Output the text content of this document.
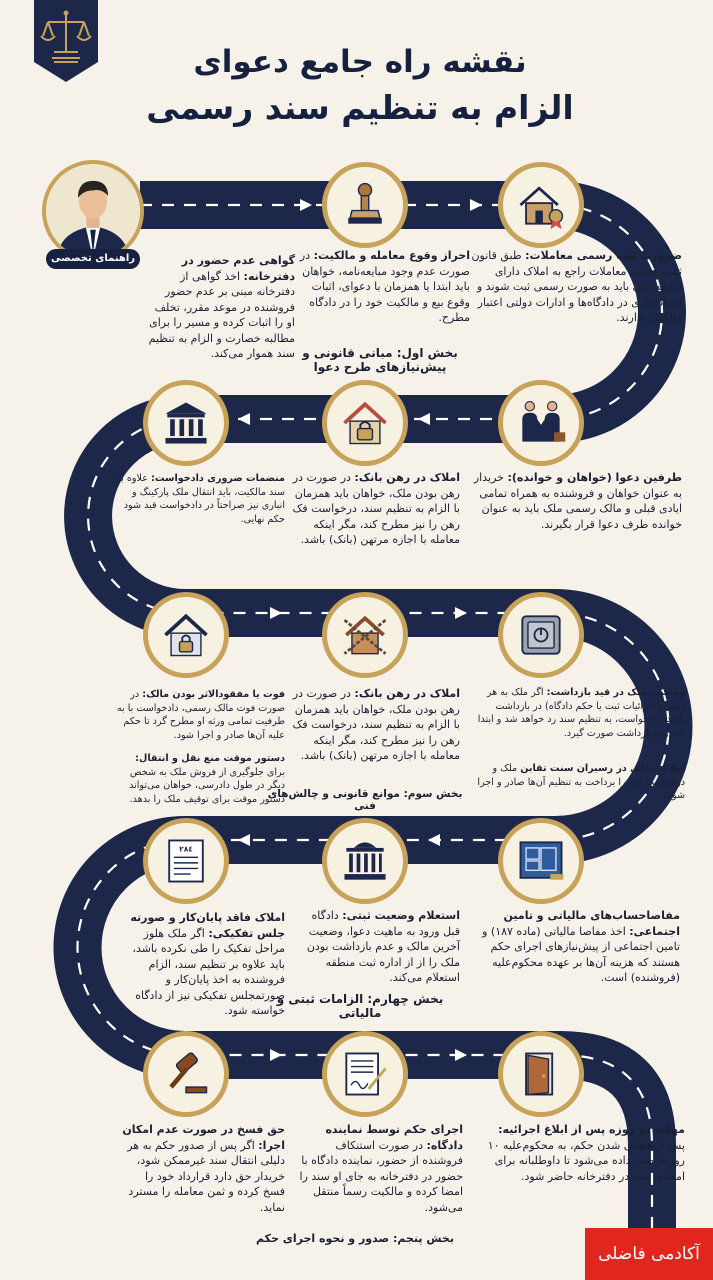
نقشه راه جامع دعوای
الزام به تنظیم سند رسمی
راهنمای تخصصی	ضرورت ثبت رسمی معاملات: طبق قانون ثبت، تمامی معاملات راجع به املاک دارای سابقه ثبتی باید به صورت رسمی ثبت شوند و اسناد عادی در دادگاه‌ها و ادارات دولتی اعتبار مالکیت ندارند.
احراز وقوع معامله و مالکیت: در صورت عدم وجود مبایعه‌نامه، خواهان باید ابتدا یا همزمان با دعوای، اثبات وقوع بیع و مالکیت خود را در دادگاه مطرح.
گواهی عدم حضور در دفترخانه: اخذ گواهی از دفترخانه مبنی بر عدم حضور فروشنده در موعد مقرر، تخلف او را اثبات کرده و مسیر را برای مطالبه خصارت و الزام به تنظیم سند هموار می‌کند. بخش اول: مبانی قانونی و پیش‌نیازهای طرح دعوا
طرفین دعوا (خواهان و خوانده): خریدار به عنوان خواهان و فروشنده به همراه تمامی ایادی قبلی و مالک رسمی ملک باید به عنوان خوانده طرف دعوا قرار بگیرند.
املاک در رهن بانک: در صورت در رهن بودن ملک، خواهان باید همزمان با الزام به تنظیم سند، درخواست فک رهن را نیز مطرح کند، مگر اینکه معامله با اجازه مرتهن (بانک) باشد.
منضمات ضروری دادخواست: علاوه بر سند مالکیت، باید انتقال ملک پارکینگ و انباری نیز صراحتاً در دادخواست قید شود حکم نهایی.
وضعیت ملک در قید بازداشت: اگر ملک به هر دلیلی (اجرائیات ثبت یا حکم دادگاه) در بازداشت باشد، دادخواست، به تنظیم سند رد خواهد شد و ابتدا باید رفع بازداشت صورت گیرد.
املاک ملکی در رسیران سنت تقابن ملک و درخواست ایند را برداخت به تنظیم آن‌ها صادر و اجرا شود.
املاک در رهن بانک: در صورت در رهن بودن ملک، خواهان باید همزمان با الزام به تنظیم سند، درخواست فک رهن را نیز مطرح کند، مگر اینکه معامله با اجازه مرتهن (بانک) باشد.
فوت یا مفقودالاثر بودن مالک: در صورت فوت مالک رسمی، دادخواست با به طرفیت تمامی ورثه او مطرح گرد تا حکم علیه آن‌ها صادر و اجرا شود.
دستور موقت منع نقل و انتقال: برای جلوگیری از فروش ملک به شخص دیگر در طول دادرسی، خواهان می‌تواند دستور موقت برای توقیف ملک را بدهد.
بخش سوم: موانع قانونی و چالش‌های فنی
٢٨٤
مفاصاحساب‌های مالیاتی و تامین اجتماعی: اخذ مفاصا مالیاتی (ماده ۱۸۷) و تامین اجتماعی از پیش‌نیازهای اجرای حکم هستند که هزینه آن‌ها بر عهده محکوم‌علیه (فروشنده) است.
استعلام وضعیت ثبتی: دادگاه قبل ورود به ماهیت دعوا، وضعیت آخرین مالک و عدم بازداشت بودن ملک را از از اداره ثبت منطقه استعلام می‌کند.
املاک فاقد پایان‌کار و صورته جلس تفکیکی: اگر ملک هلوز مراحل تفکیک را طی نکرده باشد، باید علاوه بر تنظیم سند، الزام فروشنده به اخذ پایان‌کار و صورتمجلس تفکیکی نیز از دادگاه خواسته شود.
بخش چهارم: الزامات ثبتی و مالیاتی
مهلت ده روزه پس از ابلاغ اجرائیه: پس از قطعی شدن حکم، به محکوم‌علیه ۱۰ روز فرصت داده می‌شود تا داوطلبانه برای امضای سند در دفترخانه حاضر شود.
اجرای حکم توسط نماینده دادگاه: در صورت استنکاف فروشنده از حضور، نماینده دادگاه با حضور در دفترخانه به جای او سند را امضا کرده و مالکیت رسماً منتقل می‌شود.
حق فسخ در صورت عدم امکان اجرا: اگر پس از صدور حکم به هر دلیلی انتقال سند غیرممکن شود، خریدار حق دارد قرارداد خود را فسخ کرده و ثمن معامله را مسترد نماید.
بخش پنجم: صدور و نحوه اجرای حکم
آکادمی فاضلی
